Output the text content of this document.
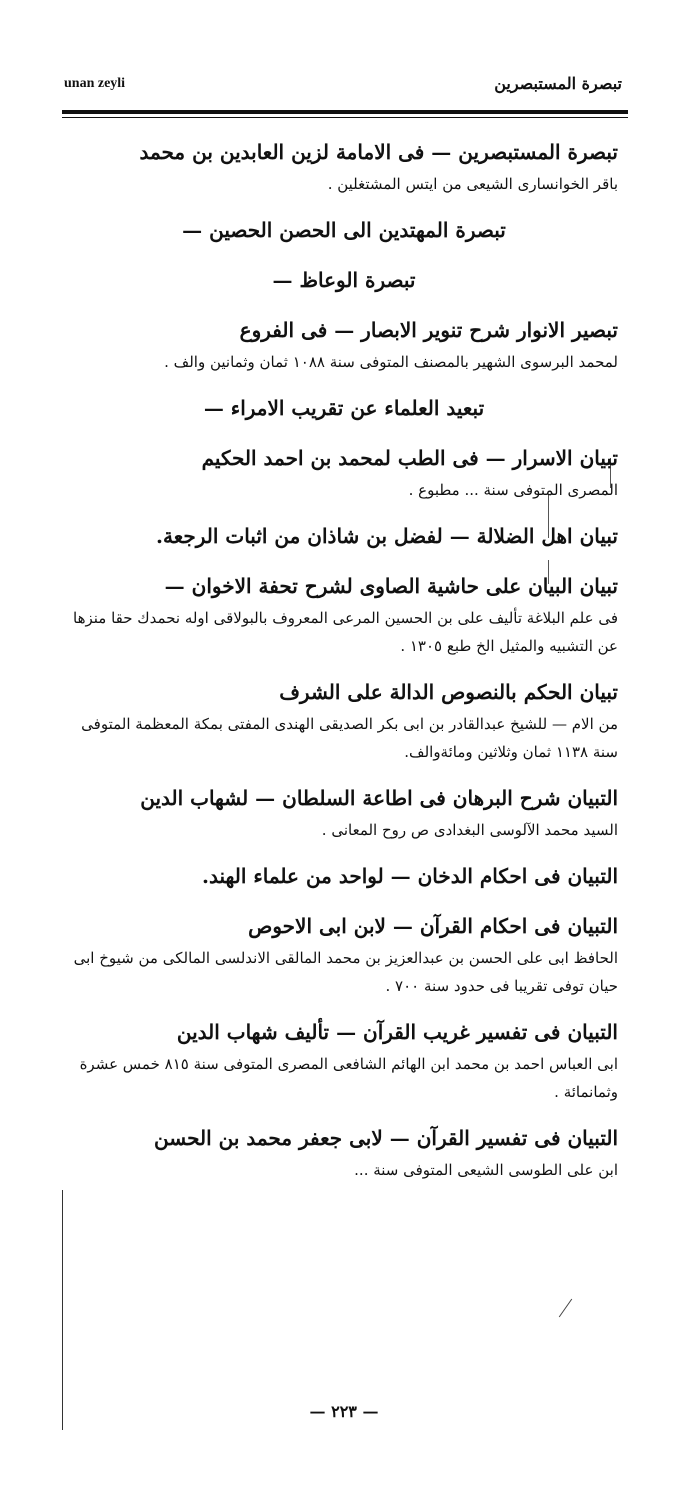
unan zeyli	تبصرة المستبصرين

تبصرة المستبصرين — فى الامامة لزين العابدين بن محمد

باقر الخوانسارى الشيعى من ايتس المشتغلين .

تبصرة المهتدين الى الحصن الحصين —

تبصرة الوعاظ —

تبصير الانوار شرح تنوير الابصار — فى الفروع

لمحمد البرسوى الشهير بالمصنف المتوفى سنة ١٠٨٨ ثمان وثمانين والف .

تبعيد العلماء عن تقريب الامراء —

تبيان الاسرار — فى الطب لمحمد بن احمد الحكيم

المصرى المتوفى سنة ... مطبوع .

تبيان اهل الضلالة — لفضل بن شاذان من اثبات الرجعة.

تبيان البيان على حاشية الصاوى لشرح تحفة الاخوان —

فى علم البلاغة تأليف على بن الحسين المرعى المعروف بالبولاقى اوله نحمدك حقا منزها عن التشبيه والمثيل الخ طبع ١٣٠٥ .

تبيان الحكم بالنصوص الدالة على الشرف

من الام — للشيخ عبدالقادر بن ابى بكر الصديقى الهندى المفتى بمكة المعظمة المتوفى سنة ١١٣٨ ثمان وثلاثين ومائةوالف.

التبيان شرح البرهان فى اطاعة السلطان — لشهاب الدين

السيد محمد الآلوسى البغدادى ص روح المعانى .

التبيان فى احكام الدخان — لواحد من علماء الهند.

التبيان فى احكام القرآن — لابن ابى الاحوص

الحافظ ابى على الحسن بن عبدالعزيز بن محمد المالقى الاندلسى المالكى من شيوخ ابى حيان توفى تقريبا فى حدود سنة ٧٠٠ .

التبيان فى تفسير غريب القرآن — تأليف شهاب الدين

ابى العباس احمد بن محمد ابن الهائم الشافعى المصرى المتوفى سنة ٨١٥ خمس عشرة وثمانمائة .

التبيان فى تفسير القرآن — لابى جعفر محمد بن الحسن

ابن على الطوسى الشيعى المتوفى سنة ...

— ٢٢٣ —
